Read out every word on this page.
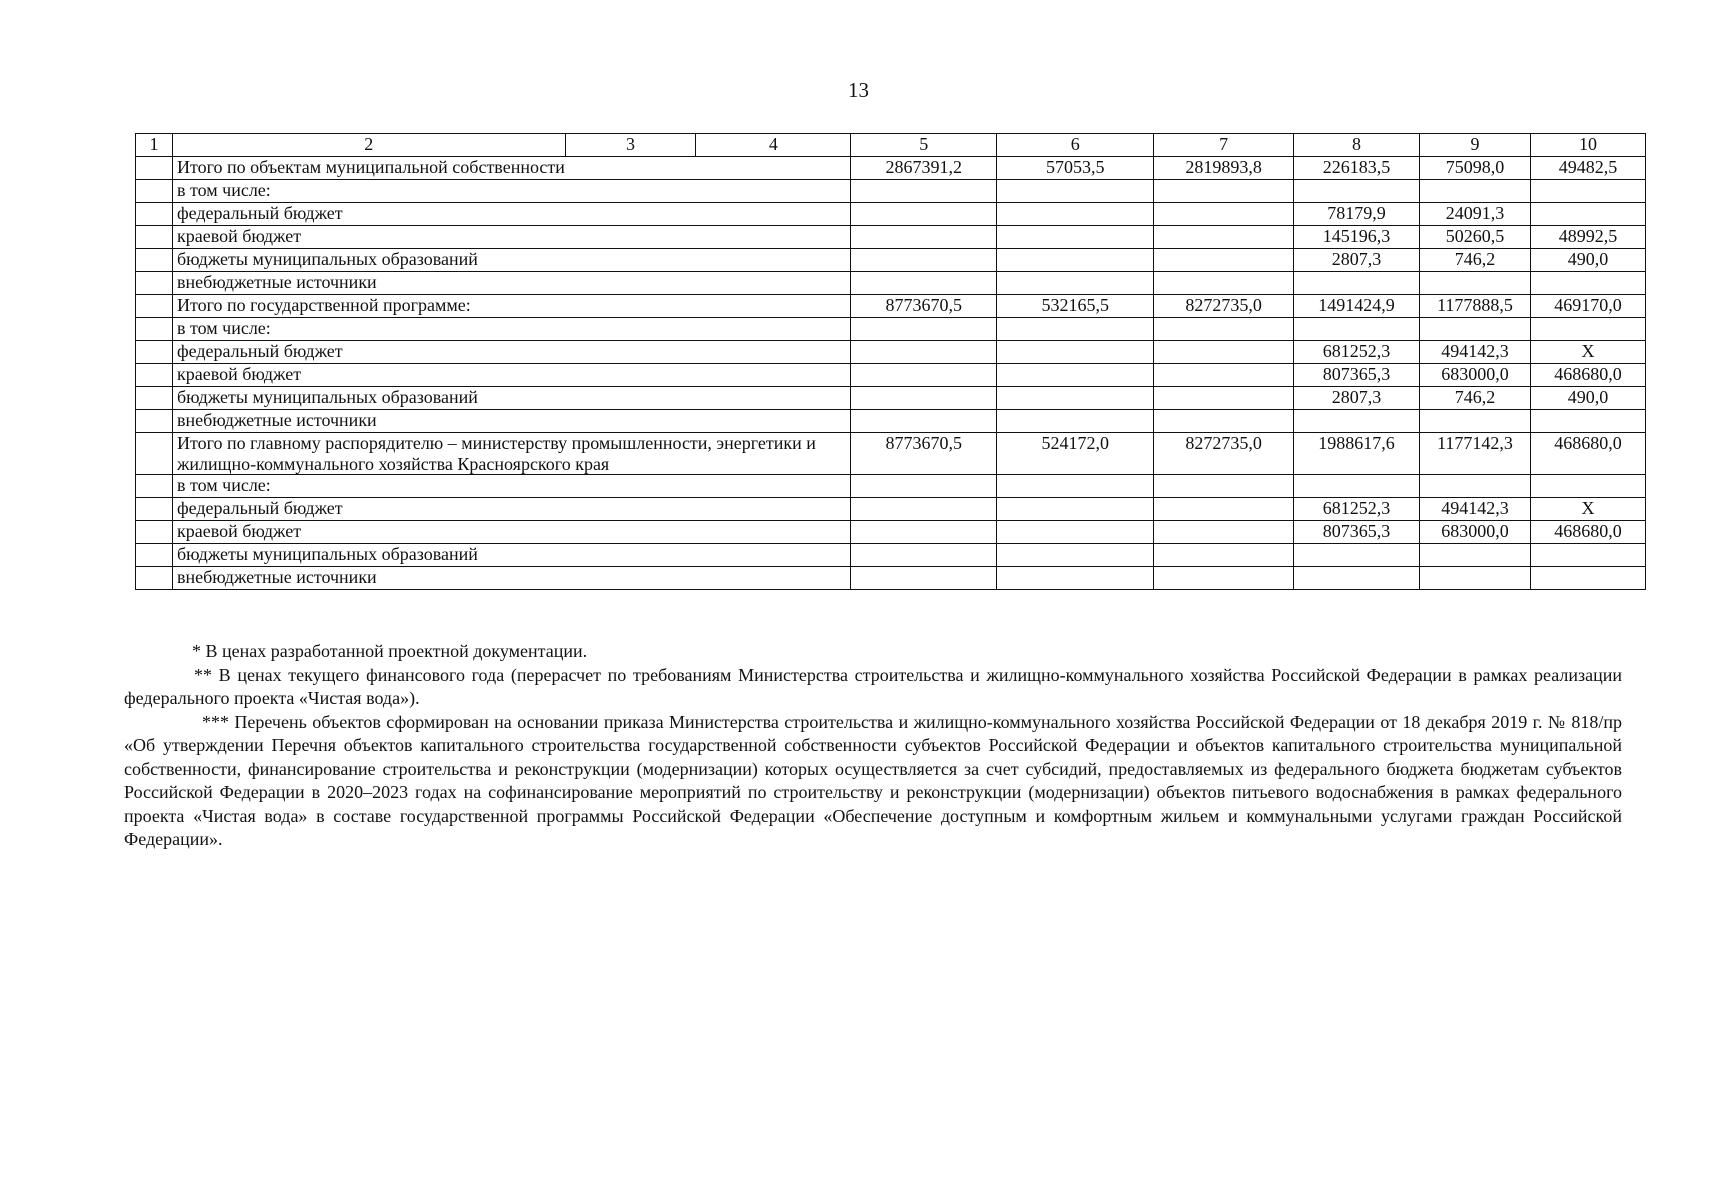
13
1	2	3	4	5	6	7	8	9	10
	Итого по объектам муниципальной собственности			2867391,2	57053,5	2819893,8	226183,5	75098,0	49482,5
	в том числе:								
	федеральный бюджет						78179,9	24091,3	
	краевой бюджет						145196,3	50260,5	48992,5
	бюджеты муниципальных образований						2807,3	746,2	490,0
	внебюджетные источники								
	Итого по государственной программе:			8773670,5	532165,5	8272735,0	1491424,9	1177888,5	469170,0
	в том числе:								
	федеральный бюджет						681252,3	494142,3	X
	краевой бюджет						807365,3	683000,0	468680,0
	бюджеты муниципальных образований						2807,3	746,2	490,0
	внебюджетные источники								
	Итого по главному распорядителю – министерству промышленности, энергетики и жилищно-коммунального хозяйства Красноярского края			8773670,5	524172,0	8272735,0	1988617,6	1177142,3	468680,0
	в том числе:								
	федеральный бюджет						681252,3	494142,3	X
	краевой бюджет						807365,3	683000,0	468680,0
	бюджеты муниципальных образований								
	внебюджетные источники								

* В ценах разработанной проектной документации.

** В ценах текущего финансового года (перерасчет по требованиям Министерства строительства и жилищно-коммунального хозяйства Российской Федерации в рамках реализации федерального проекта «Чистая вода»).

*** Перечень объектов сформирован на основании приказа Министерства строительства и жилищно-коммунального хозяйства Российской Федерации от 18 декабря 2019 г. № 818/пр «Об утверждении Перечня объектов капитального строительства государственной собственности субъектов Российской Федерации и объектов капитального строительства муниципальной собственности, финансирование строительства и реконструкции (модернизации) которых осуществляется за счет субсидий, предоставляемых из федерального бюджета бюджетам субъектов Российской Федерации в 2020–2023 годах на софинансирование мероприятий по строительству и реконструкции (модернизации) объектов питьевого водоснабжения в рамках федерального проекта «Чистая вода» в составе государственной программы Российской Федерации «Обеспечение доступным и комфортным жильем и коммунальными услугами граждан Российской Федерации».
